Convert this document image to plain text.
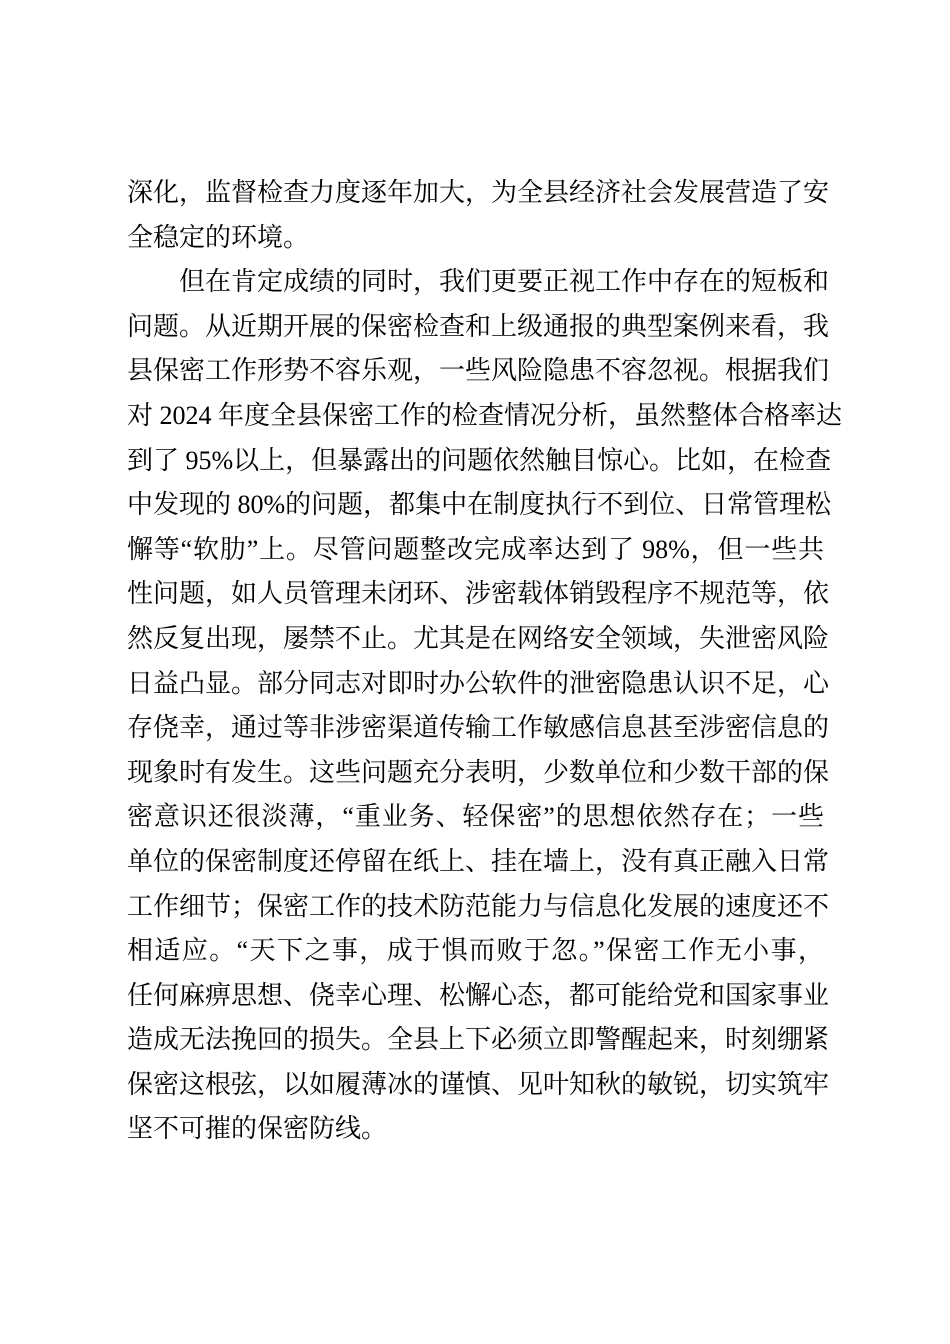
深化，监督检查力度逐年加大，为全县经济社会发展营造了安
全稳定的环境。
但在肯定成绩的同时，我们更要正视工作中存在的短板和
问题。从近期开展的保密检查和上级通报的典型案例来看，我
县保密工作形势不容乐观，一些风险隐患不容忽视。根据我们
对 2024 年度全县保密工作的检查情况分析，虽然整体合格率达
到了 95%以上，但暴露出的问题依然触目惊心。比如，在检查
中发现的 80%的问题，都集中在制度执行不到位、日常管理松
懈等“软肋”上。尽管问题整改完成率达到了 98%，但一些共
性问题，如人员管理未闭环、涉密载体销毁程序不规范等，依
然反复出现，屡禁不止。尤其是在网络安全领域，失泄密风险
日益凸显。部分同志对即时办公软件的泄密隐患认识不足，心
存侥幸，通过等非涉密渠道传输工作敏感信息甚至涉密信息的
现象时有发生。这些问题充分表明，少数单位和少数干部的保
密意识还很淡薄，“重业务、轻保密”的思想依然存在；一些
单位的保密制度还停留在纸上、挂在墙上，没有真正融入日常
工作细节；保密工作的技术防范能力与信息化发展的速度还不
相适应。“天下之事，成于惧而败于忽。”保密工作无小事，
任何麻痹思想、侥幸心理、松懈心态，都可能给党和国家事业
造成无法挽回的损失。全县上下必须立即警醒起来，时刻绷紧
保密这根弦，以如履薄冰的谨慎、见叶知秋的敏锐，切实筑牢
坚不可摧的保密防线。
